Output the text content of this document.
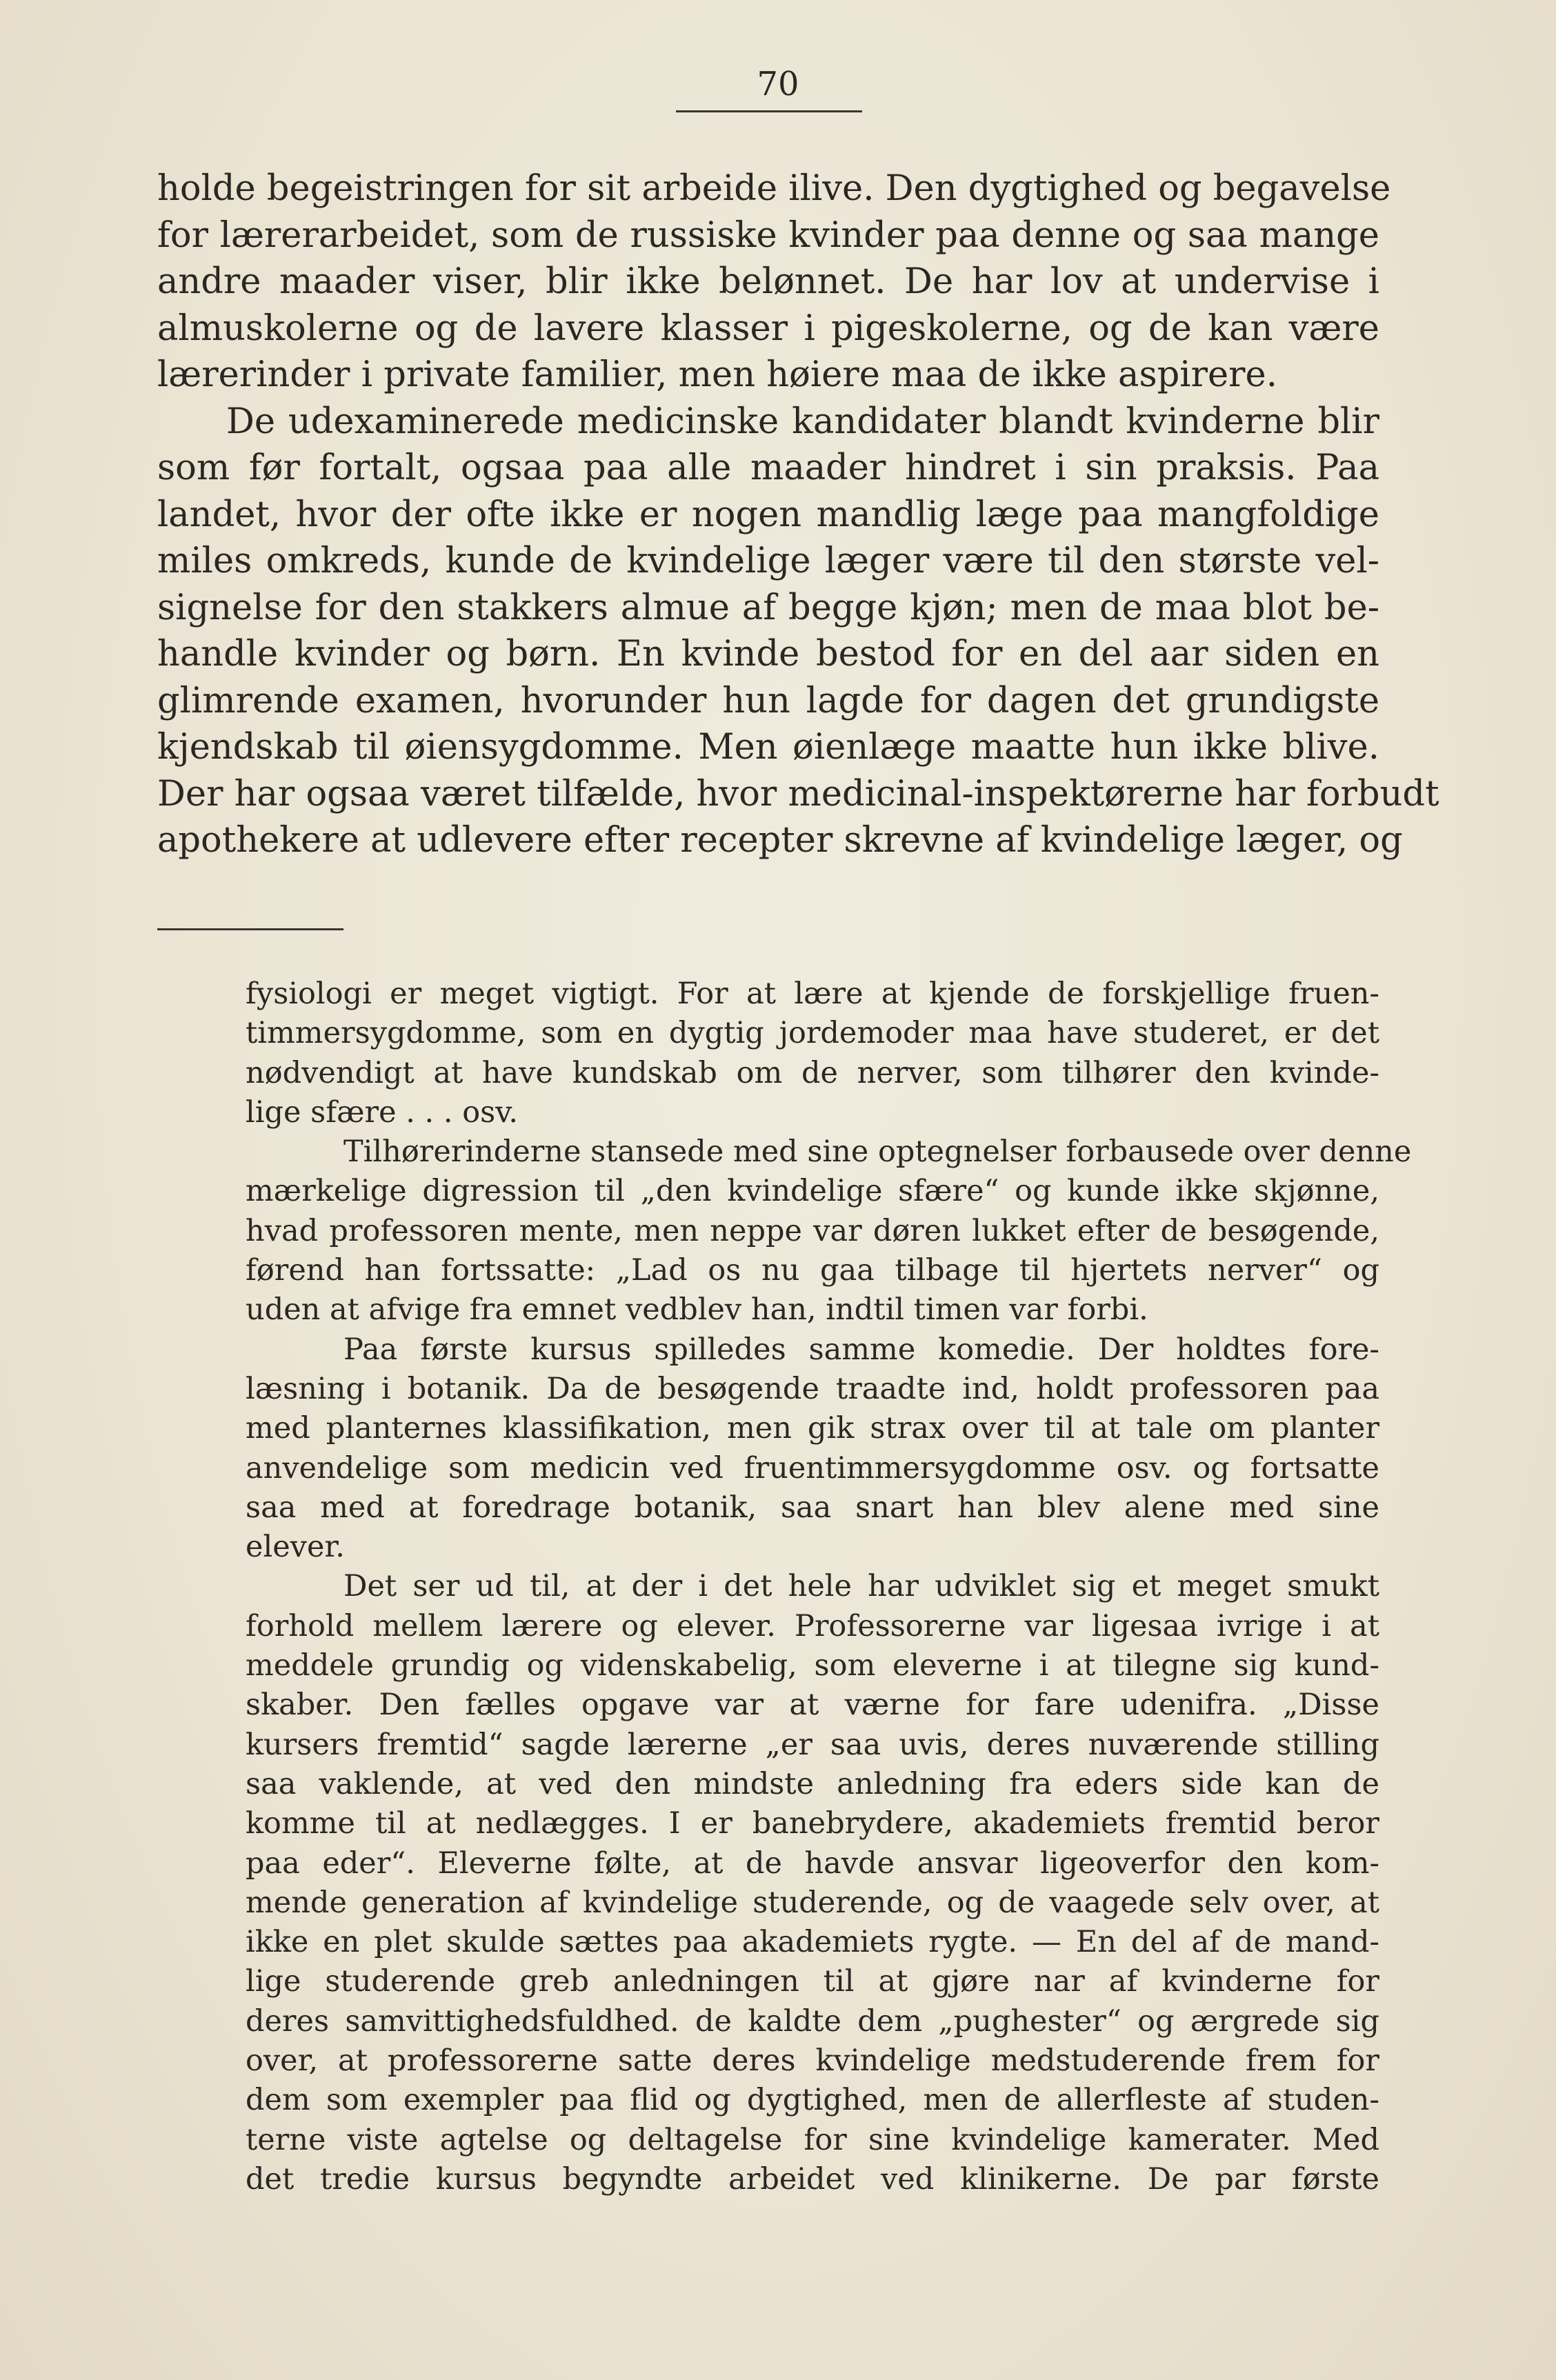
70
holde begeistringen for sit arbeide ilive. Den dygtighed og begavelse
for lærerarbeidet, som de russiske kvinder paa denne og saa mange
andre maader viser, blir ikke belønnet. De har lov at undervise i
almuskolerne og de lavere klasser i pigeskolerne, og de kan være
lærerinder i private familier, men høiere maa de ikke aspirere.
De udexaminerede medicinske kandidater blandt kvinderne blir
som før fortalt, ogsaa paa alle maader hindret i sin praksis. Paa
landet, hvor der ofte ikke er nogen mandlig læge paa mangfoldige
miles omkreds, kunde de kvindelige læger være til den største vel-
signelse for den stakkers almue af begge kjøn; men de maa blot be-
handle kvinder og børn. En kvinde bestod for en del aar siden en
glimrende examen, hvorunder hun lagde for dagen det grundigste
kjendskab til øiensygdomme. Men øienlæge maatte hun ikke blive.
Der har ogsaa været tilfælde, hvor medicinal-inspektørerne har forbudt
apothekere at udlevere efter recepter skrevne af kvindelige læger, og
fysiologi er meget vigtigt. For at lære at kjende de forskjellige fruen-
timmersygdomme, som en dygtig jordemoder maa have studeret, er det
nødvendigt at have kundskab om de nerver, som tilhører den kvinde-
lige sfære . . . osv.
Tilhørerinderne stansede med sine optegnelser forbausede over denne
mærkelige digression til „den kvindelige sfære“ og kunde ikke skjønne,
hvad professoren mente, men neppe var døren lukket efter de besøgende,
førend han fortssatte: „Lad os nu gaa tilbage til hjertets nerver“ og
uden at afvige fra emnet vedblev han, indtil timen var forbi.
Paa første kursus spilledes samme komedie. Der holdtes fore-
læsning i botanik. Da de besøgende traadte ind, holdt professoren paa
med planternes klassifikation, men gik strax over til at tale om planter
anvendelige som medicin ved fruentimmersygdomme osv. og fortsatte
saa med at foredrage botanik, saa snart han blev alene med sine
elever.
Det ser ud til, at der i det hele har udviklet sig et meget smukt
forhold mellem lærere og elever. Professorerne var ligesaa ivrige i at
meddele grundig og videnskabelig, som eleverne i at tilegne sig kund-
skaber. Den fælles opgave var at værne for fare udenifra. „Disse
kursers fremtid“ sagde lærerne „er saa uvis, deres nuværende stilling
saa vaklende, at ved den mindste anledning fra eders side kan de
komme til at nedlægges. I er banebrydere, akademiets fremtid beror
paa eder“. Eleverne følte, at de havde ansvar ligeoverfor den kom-
mende generation af kvindelige studerende, og de vaagede selv over, at
ikke en plet skulde sættes paa akademiets rygte. — En del af de mand-
lige studerende greb anledningen til at gjøre nar af kvinderne for
deres samvittighedsfuldhed. de kaldte dem „pughester“ og ærgrede sig
over, at professorerne satte deres kvindelige medstuderende frem for
dem som exempler paa flid og dygtighed, men de allerfleste af studen-
terne viste agtelse og deltagelse for sine kvindelige kamerater. Med
det tredie kursus begyndte arbeidet ved klinikerne. De par første
